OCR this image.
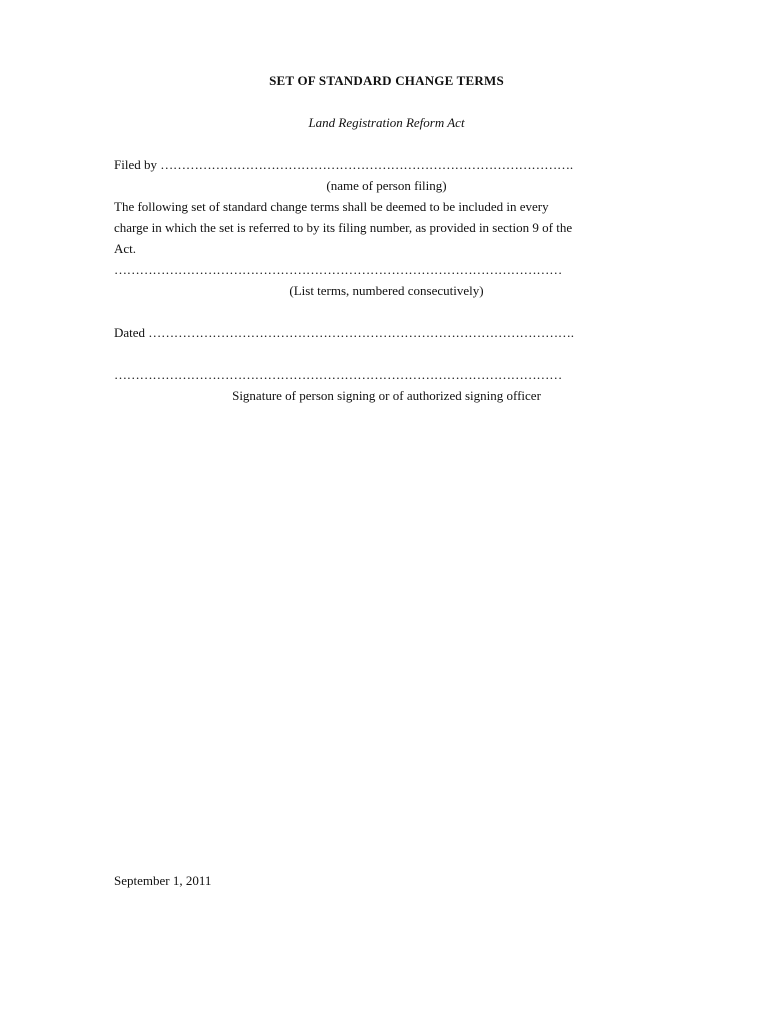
SET OF STANDARD CHANGE TERMS
Land Registration Reform Act
Filed by …………………………………………………………………………………….
(name of person filing)
The following set of standard change terms shall be deemed to be included in every
charge in which the set is referred to by its filing number, as provided in section 9 of the
Act.
……………………………………………………………………………………………
(List terms, numbered consecutively)
Dated ……………………………………………………………………………………….
……………………………………………………………………………………………
Signature of person signing or of authorized signing officer
September 1, 2011
